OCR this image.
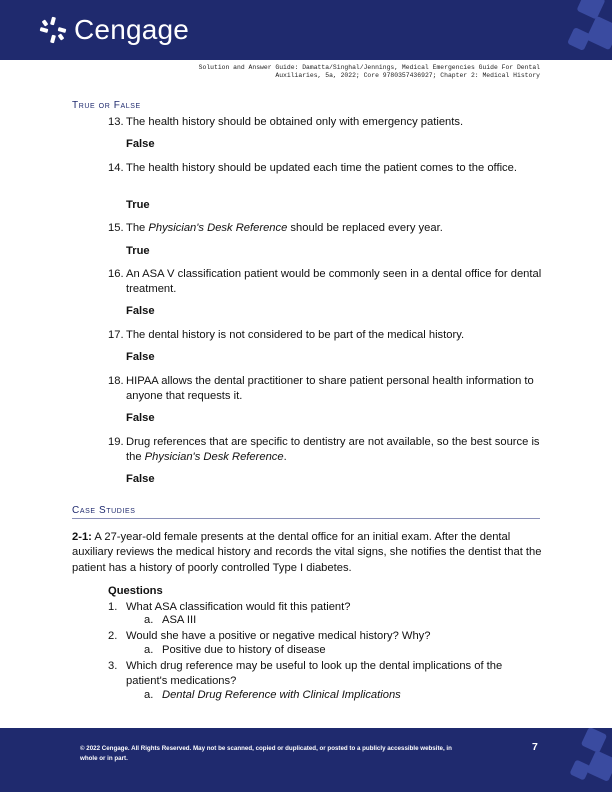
Cengage
Solution and Answer Guide: Damatta/Singhal/Jennings, Medical Emergencies Guide For Dental
Auxiliaries, 5a, 2022; Core 9780357436927; Chapter 2: Medical History
True or False
13. The health history should be obtained only with emergency patients.
False
14. The health history should be updated each time the patient comes to the office.
True
15. The Physician's Desk Reference should be replaced every year.
True
16. An ASA V classification patient would be commonly seen in a dental office for dental treatment.
False
17. The dental history is not considered to be part of the medical history.
False
18. HIPAA allows the dental practitioner to share patient personal health information to anyone that requests it.
False
19. Drug references that are specific to dentistry are not available, so the best source is the Physician's Desk Reference.
False
Case Studies
2-1: A 27-year-old female presents at the dental office for an initial exam. After the dental auxiliary reviews the medical history and records the vital signs, she notifies the dentist that the patient has a history of poorly controlled Type I diabetes.
Questions
1. What ASA classification would fit this patient?
a. ASA III
2. Would she have a positive or negative medical history? Why?
a. Positive due to history of disease
3. Which drug reference may be useful to look up the dental implications of the patient's medications?
a. Dental Drug Reference with Clinical Implications
© 2022 Cengage. All Rights Reserved. May not be scanned, copied or duplicated, or posted to a publicly accessible website, in whole or in part.
7
